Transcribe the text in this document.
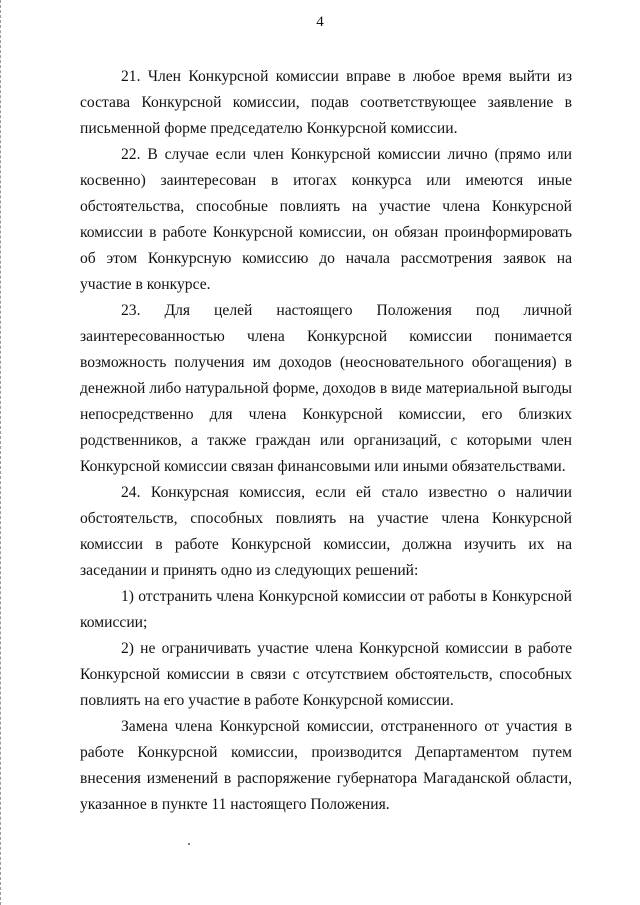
4

21. Член Конкурсной комиссии вправе в любое время выйти из состава Конкурсной комиссии, подав соответствующее заявление в письменной форме председателю Конкурсной комиссии.

22. В случае если член Конкурсной комиссии лично (прямо или косвенно) заинтересован в итогах конкурса или имеются иные обстоятельства, способные повлиять на участие члена Конкурсной комиссии в работе Конкурсной комиссии, он обязан проинформировать об этом Конкурсную комиссию до начала рассмотрения заявок на участие в конкурсе.

23. Для целей настоящего Положения под личной заинтересованностью члена Конкурсной комиссии понимается возможность получения им доходов (неосновательного обогащения) в денежной либо натуральной форме, доходов в виде материальной выгоды непосредственно для члена Конкурсной комиссии, его близких родственников, а также граждан или организаций, с которыми член Конкурсной комиссии связан финансовыми или иными обязательствами.

24. Конкурсная комиссия, если ей стало известно о наличии обстоятельств, способных повлиять на участие члена Конкурсной комиссии в работе Конкурсной комиссии, должна изучить их на заседании и принять одно из следующих решений:

1) отстранить члена Конкурсной комиссии от работы в Конкурсной комиссии;

2) не ограничивать участие члена Конкурсной комиссии в работе Конкурсной комиссии в связи с отсутствием обстоятельств, способных повлиять на его участие в работе Конкурсной комиссии.

Замена члена Конкурсной комиссии, отстраненного от участия в работе Конкурсной комиссии, производится Департаментом путем внесения изменений в распоряжение губернатора Магаданской области, указанное в пункте 11 настоящего Положения.
